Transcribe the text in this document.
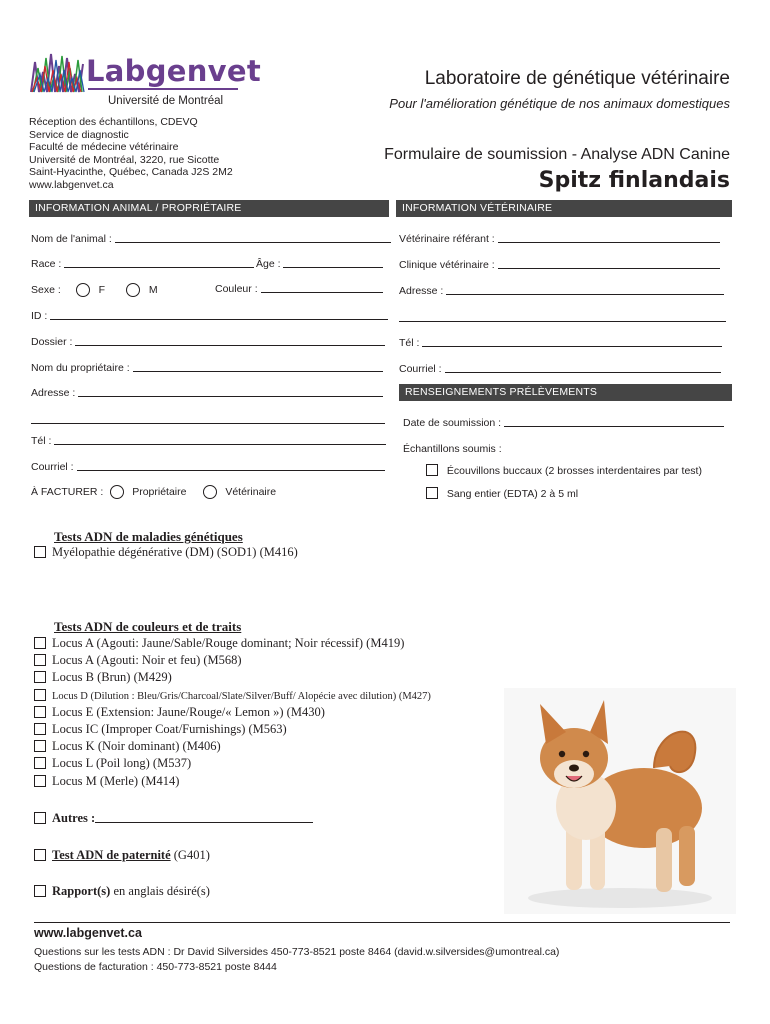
Labgenvet
Université de Montréal
Laboratoire de génétique vétérinaire
Pour l'amélioration génétique de nos animaux domestiques
Réception des échantillons, CDEVQ
Service de diagnostic
Faculté de médecine vétérinaire
Université de Montréal, 3220, rue Sicotte
Saint-Hyacinthe, Québec, Canada J2S 2M2
www.labgenvet.ca
Formulaire de soumission - Analyse ADN Canine
Spitz finlandais
INFORMATION ANIMAL / PROPRIÉTAIRE	INFORMATION VÉTÉRINAIRE
Nom de l'animal :
Race :	Âge :
Sexe :	F	M	Couleur :
ID :
Dossier :
Nom du propriétaire :
Adresse :
Tél :
Courriel :
À FACTURER :	Propriétaire	Vétérinaire
Vétérinaire référant :
Clinique vétérinaire :
Adresse :
Tél :
Courriel :
RENSEIGNEMENTS PRÉLÈVEMENTS
Date de soumission :
Échantillons soumis :
Écouvillons buccaux (2 brosses interdentaires par test)
Sang entier (EDTA) 2 à 5 ml
Tests ADN de maladies génétiques
Myélopathie dégénérative (DM) (SOD1) (M416)
Tests ADN de couleurs et de traits
Locus A (Agouti: Jaune/Sable/Rouge dominant; Noir récessif) (M419)
Locus A (Agouti: Noir et feu) (M568)
Locus B (Brun) (M429)
Locus D (Dilution : Bleu/Gris/Charcoal/Slate/Silver/Buff/ Alopécie avec dilution) (M427)
Locus E (Extension: Jaune/Rouge/« Lemon ») (M430)
Locus IC (Improper Coat/Furnishings) (M563)
Locus K (Noir dominant) (M406)
Locus L (Poil long) (M537)
Locus M (Merle) (M414)
Autres :
Test ADN de paternité (G401)
Rapport(s) en anglais désiré(s)
www.labgenvet.ca
Questions sur les tests ADN : Dr David Silversides 450-773-8521 poste 8464 (david.w.silversides@umontreal.ca)
Questions de facturation : 450-773-8521 poste 8444
